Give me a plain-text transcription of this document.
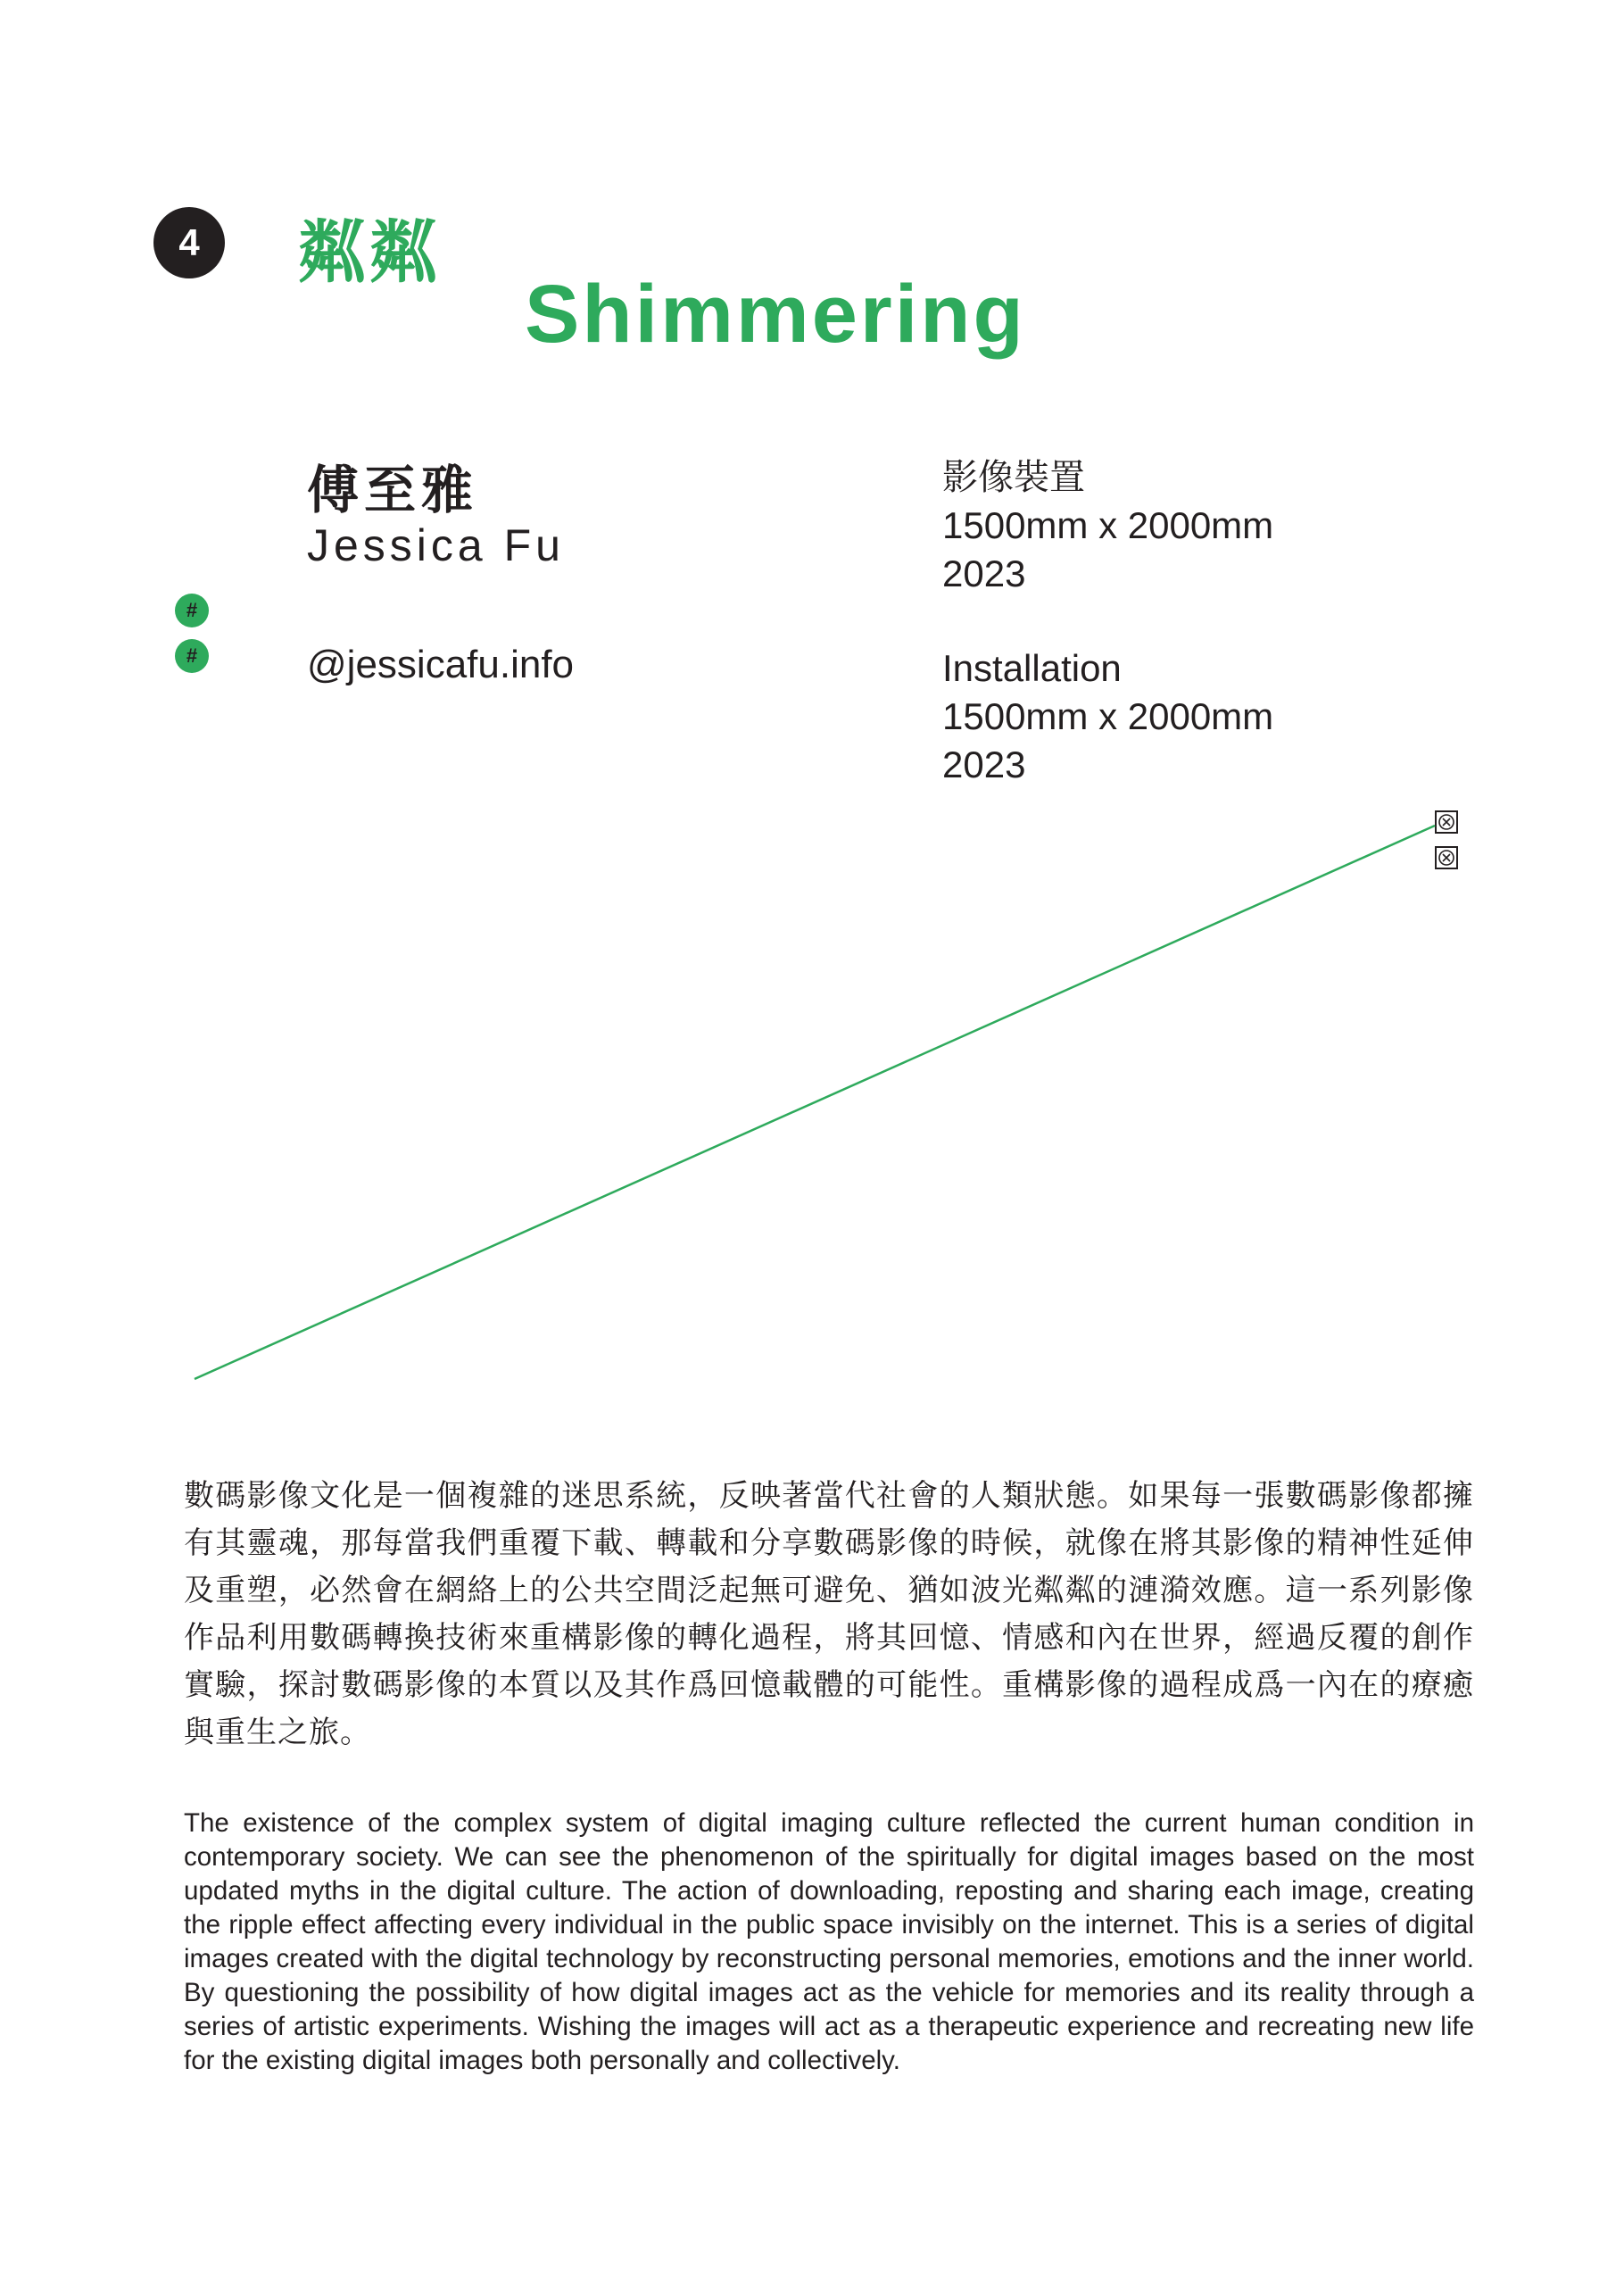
4	粼粼
Shimmering
傅至雅
Jessica Fu
#
#	@jessicafu.info
影像裝置
1500mm x 2000mm
2023
Installation
1500mm x 2000mm
2023
數碼影像文化是一個複雜的迷思系統，反映著當代社會的人類狀態。如果每一張數碼影像都擁有其靈魂，那每當我們重覆下載、轉載和分享數碼影像的時候，就像在將其影像的精神性延伸及重塑，必然會在網絡上的公共空間泛起無可避免、猶如波光粼粼的漣漪效應。這一系列影像作品利用數碼轉換技術來重構影像的轉化過程，將其回憶、情感和內在世界，經過反覆的創作實驗，探討數碼影像的本質以及其作爲回憶載體的可能性。重構影像的過程成爲一內在的療癒與重生之旅。
The existence of the complex system of digital imaging culture reflected the current human condition in contemporary society. We can see the phenomenon of the spiritually for digital images based on the most updated myths in the digital culture. The action of downloading, reposting and sharing each image, creating the ripple effect affecting every individual in the public space invisibly on the internet. This is a series of digital images created with the digital technology by reconstructing personal memories, emotions and the inner world. By questioning the possibility of how digital images act as the vehicle for memories and its reality through a series of artistic experiments. Wishing the images will act as a therapeutic experience and recreating new life for the existing digital images both personally and collectively.
